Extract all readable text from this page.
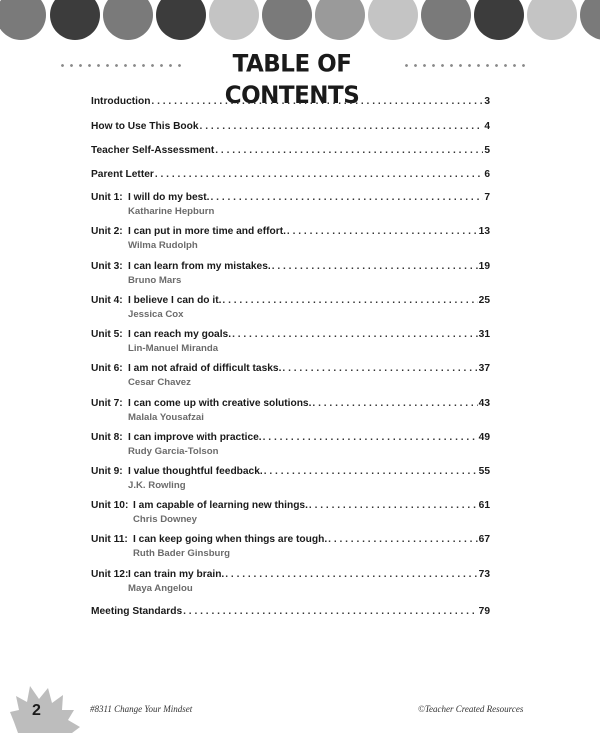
TABLE OF CONTENTS
Introduction . . .	3
How to Use This Book . . .	4
Teacher Self-Assessment . . .	5
Parent Letter . . .	6
Unit 1: I will do my best. . . .	7
Katharine Hepburn
Unit 2: I can put in more time and effort. . . .	13
Wilma Rudolph
Unit 3: I can learn from my mistakes. . . .	19
Bruno Mars
Unit 4: I believe I can do it. . . .	25
Jessica Cox
Unit 5: I can reach my goals. . . .	31
Lin-Manuel Miranda
Unit 6: I am not afraid of difficult tasks. . . .	37
Cesar Chavez
Unit 7: I can come up with creative solutions. . . .	43
Malala Yousafzai
Unit 8: I can improve with practice. . . .	49
Rudy Garcia-Tolson
Unit 9: I value thoughtful feedback. . . .	55
J.K. Rowling
Unit 10: I am capable of learning new things. . . .	61
Chris Downey
Unit 11: I can keep going when things are tough. . . .	67
Ruth Bader Ginsburg
Unit 12: I can train my brain. . . .	73
Maya Angelou
Meeting Standards . . .	79
2	#8311 Change Your Mindset	©Teacher Created Resources
